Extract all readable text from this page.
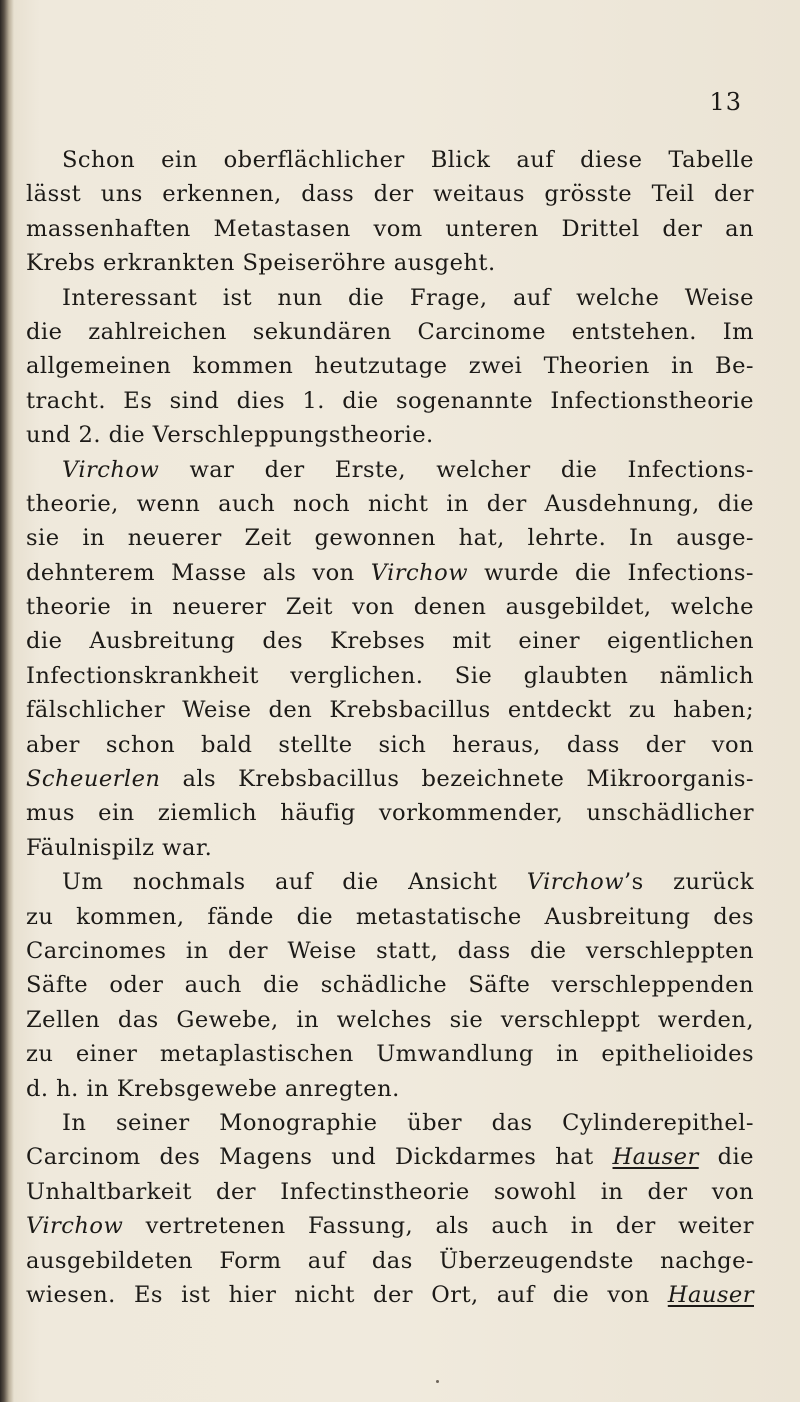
13
Schon ein oberflächlicher Blick auf diese Tabelle
lässt uns erkennen, dass der weitaus grösste Teil der
massenhaften Metastasen vom unteren Drittel der an
Krebs erkrankten Speiseröhre ausgeht.
Interessant ist nun die Frage, auf welche Weise
die zahlreichen sekundären Carcinome entstehen. Im
allgemeinen kommen heutzutage zwei Theorien in Be-
tracht. Es sind dies 1. die sogenannte Infectionstheorie
und 2. die Verschleppungstheorie.
Virchow war der Erste, welcher die Infections-
theorie, wenn auch noch nicht in der Ausdehnung, die
sie in neuerer Zeit gewonnen hat, lehrte. In ausge-
dehnterem Masse als von Virchow wurde die Infections-
theorie in neuerer Zeit von denen ausgebildet, welche
die Ausbreitung des Krebses mit einer eigentlichen
Infectionskrankheit verglichen. Sie glaubten nämlich
fälschlicher Weise den Krebsbacillus entdeckt zu haben;
aber schon bald stellte sich heraus, dass der von
Scheuerlen als Krebsbacillus bezeichnete Mikroorganis-
mus ein ziemlich häufig vorkommender, unschädlicher
Fäulnispilz war.
Um nochmals auf die Ansicht Virchow’s zurück
zu kommen, fände die metastatische Ausbreitung des
Carcinomes in der Weise statt, dass die verschleppten
Säfte oder auch die schädliche Säfte verschleppenden
Zellen das Gewebe, in welches sie verschleppt werden,
zu einer metaplastischen Umwandlung in epithelioides
d. h. in Krebsgewebe anregten.
In seiner Monographie über das Cylinderepithel-
Carcinom des Magens und Dickdarmes hat Hauser die
Unhaltbarkeit der Infectinstheorie sowohl in der von
Virchow vertretenen Fassung, als auch in der weiter
ausgebildeten Form auf das Überzeugendste nachge-
wiesen. Es ist hier nicht der Ort, auf die von Hauser
